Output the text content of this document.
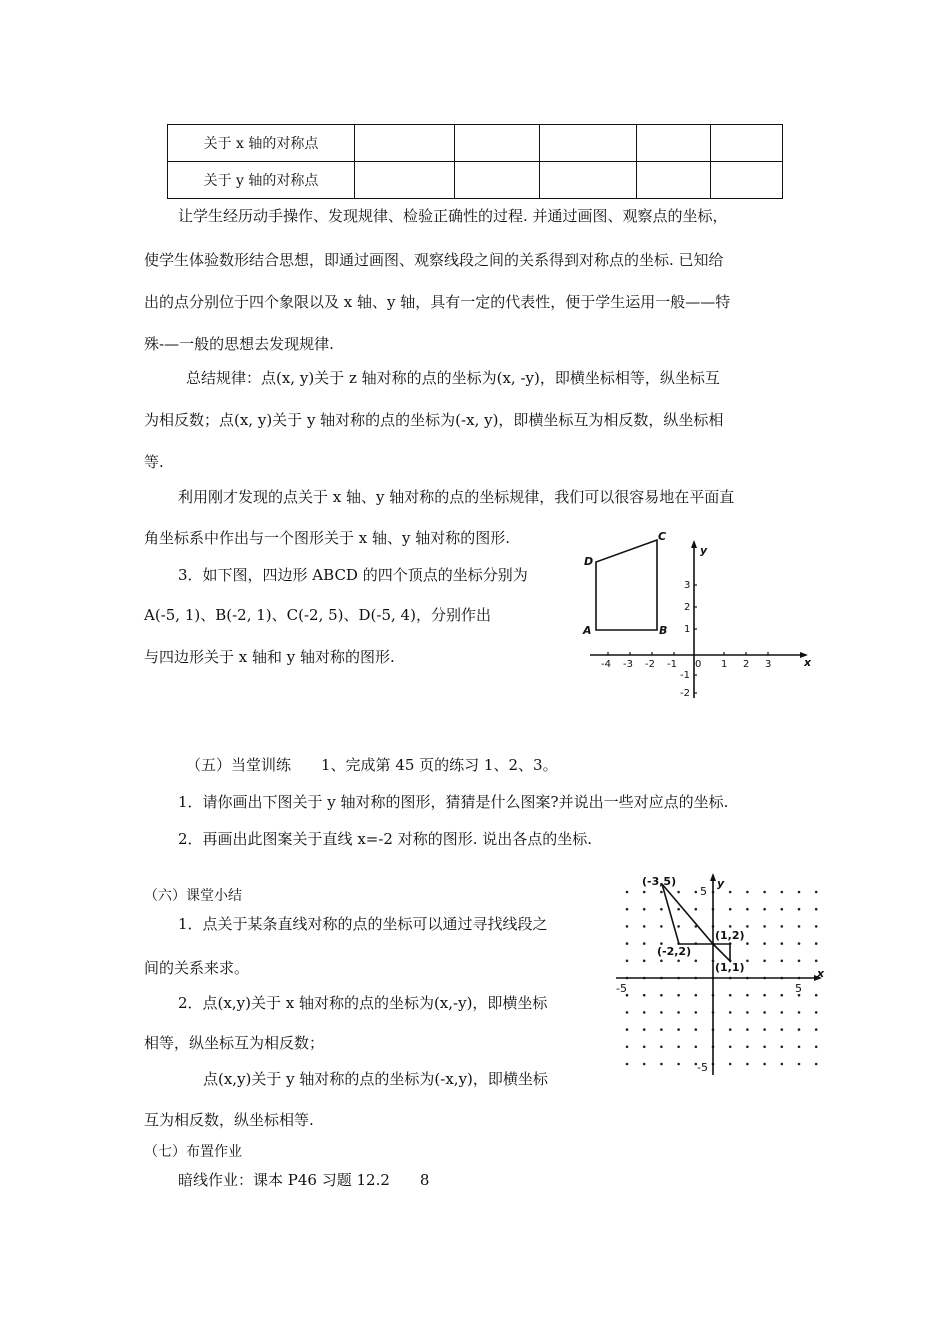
关于 x 轴的对称点					
关于 y 轴的对称点					
让学生经历动手操作、发现规律、检验正确性的过程. 并通过画图、观察点的坐标，
使学生体验数形结合思想，即通过画图、观察线段之间的关系得到对称点的坐标. 已知给
出的点分别位于四个象限以及 x 轴、y 轴，具有一定的代表性，便于学生运用一般——特
殊-—一般的思想去发现规律.
总结规律：点(x, y)关于 z 轴对称的点的坐标为(x, -y)，即横坐标相等，纵坐标互
为相反数；点(x, y)关于 y 轴对称的点的坐标为(-x, y)，即横坐标互为相反数，纵坐标相
等.
利用刚才发现的点关于 x 轴、y 轴对称的点的坐标规律，我们可以很容易地在平面直
角坐标系中作出与一个图形关于 x 轴、y 轴对称的图形.
3．如下图，四边形 ABCD 的四个顶点的坐标分别为
A(-5, 1)、B(-2, 1)、C(-2, 5)、D(-5, 4)，分别作出
与四边形关于 x 轴和 y 轴对称的图形.
A	B
C
D
x
y
-4 -3 -2 -1 0 1 2 3
3
2
1
-1
-2
（五）当堂训练　　1、完成第 45 页的练习 1、2、3。
1．请你画出下图关于 y 轴对称的图形，猜猜是什么图案?并说出一些对应点的坐标.
2．再画出此图案关于直线 x=-2 对称的图形. 说出各点的坐标.
（六）课堂小结
1．点关于某条直线对称的点的坐标可以通过寻找线段之
间的关系来求。
2．点(x,y)关于 x 轴对称的点的坐标为(x,-y)，即横坐标
相等，纵坐标互为相反数；
点(x,y)关于 y 轴对称的点的坐标为(-x,y)，即横坐标
互为相反数，纵坐标相等.
(-3,5)
(-2,2)
(1,2)
(1,1)	x
y
5
-5	5
-5
（七）布置作业
暗线作业：课本 P46 习题 12.2　　8
